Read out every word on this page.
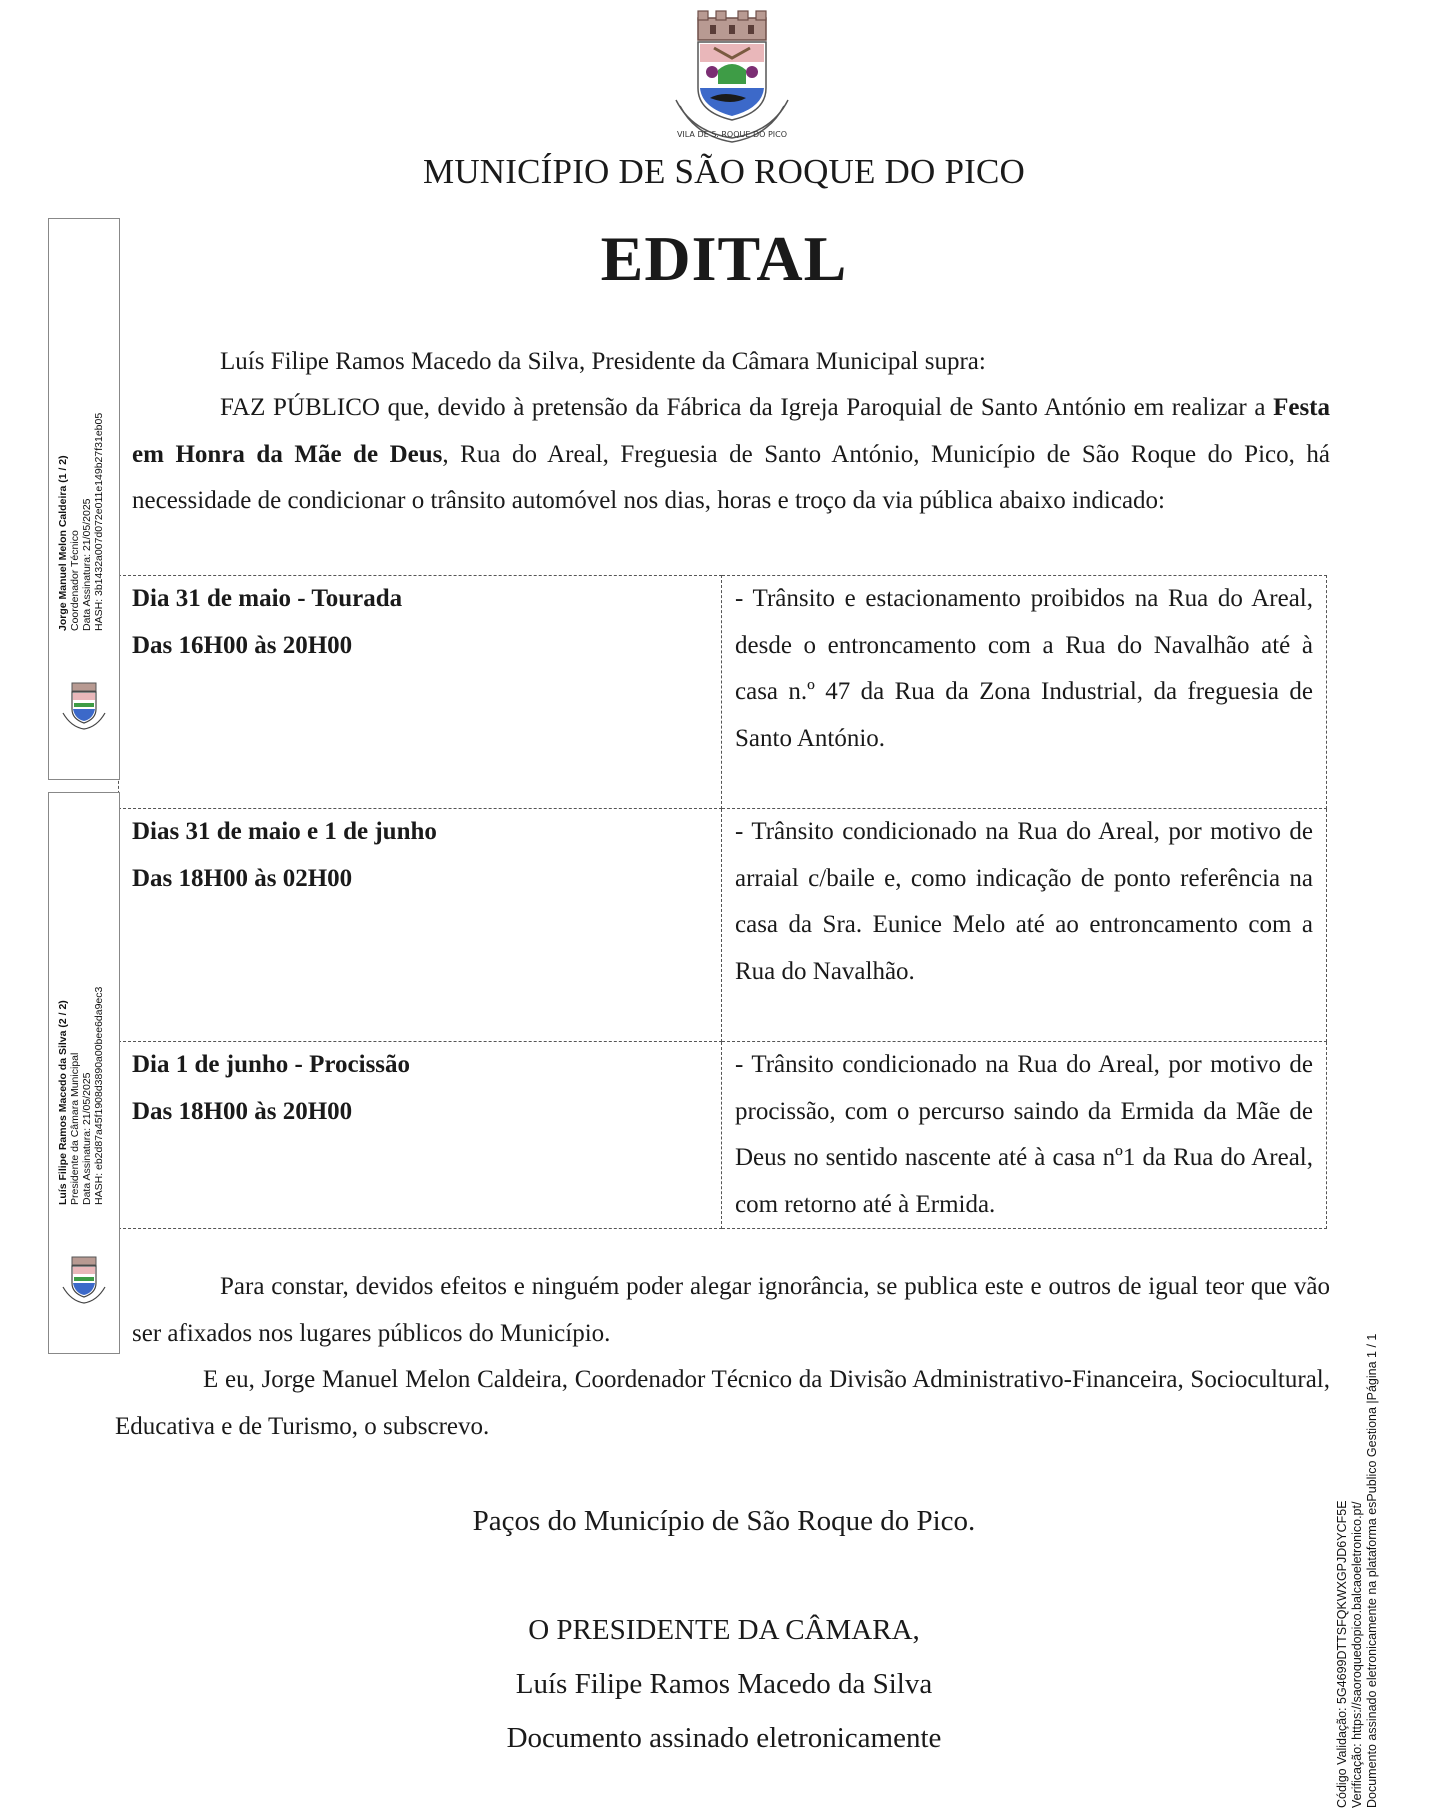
VILA DE S. ROQUE DO PICO
MUNICÍPIO DE SÃO ROQUE DO PICO
EDITAL
Luís Filipe Ramos Macedo da Silva, Presidente da Câmara Municipal supra:
FAZ PÚBLICO que, devido à pretensão da Fábrica da Igreja Paroquial de Santo António em realizar a Festa em Honra da Mãe de Deus, Rua do Areal, Freguesia de Santo António, Município de São Roque do Pico, há necessidade de condicionar o trânsito automóvel nos dias, horas e troço da via pública abaixo indicado:
Dia 31 de maio - Tourada
Das 16H00 às 20H00	- Trânsito e estacionamento proibidos na Rua do Areal, desde o entroncamento com a Rua do Navalhão até à casa n.º 47 da Rua da Zona Industrial, da freguesia de Santo António.

Dias 31 de maio e 1 de junho
Das 18H00 às 02H00	- Trânsito condicionado na Rua do Areal, por motivo de arraial c/baile e, como indicação de ponto referência na casa da Sra. Eunice Melo até ao entroncamento com a Rua do Navalhão.

Dia 1 de junho - Procissão
Das 18H00 às 20H00	- Trânsito condicionado na Rua do Areal, por motivo de procissão, com o percurso saindo da Ermida da Mãe de Deus no sentido nascente até à casa nº1 da Rua do Areal, com retorno até à Ermida.
Para constar, devidos efeitos e ninguém poder alegar ignorância, se publica este e outros de igual teor que vão ser afixados nos lugares públicos do Município.
E eu, Jorge Manuel Melon Caldeira, Coordenador Técnico da Divisão Administrativo-Financeira, Sociocultural, Educativa e de Turismo, o subscrevo.
Paços do Município de São Roque do Pico.
O PRESIDENTE DA CÂMARA,
Luís Filipe Ramos Macedo da Silva
Documento assinado eletronicamente
Jorge Manuel Melon Caldeira (1 / 2) Coordenador Técnico Data Assinatura: 21/05/2025 HASH: 3b1432a007d072e011e149b27f31eb05
Luís Filipe Ramos Macedo da Silva (2 / 2) Presidente da Câmara Municipal Data Assinatura: 21/05/2025 HASH: eb2d87a45f1908d3890a00bee6da9ec3
Código Validação: 5G4699DTTSFQKWXGPJD6YCF5E Verificação: https://saoroquedopico.balcaoeletronico.pt/ Documento assinado eletronicamente na plataforma esPublico Gestiona |Página 1 / 1
